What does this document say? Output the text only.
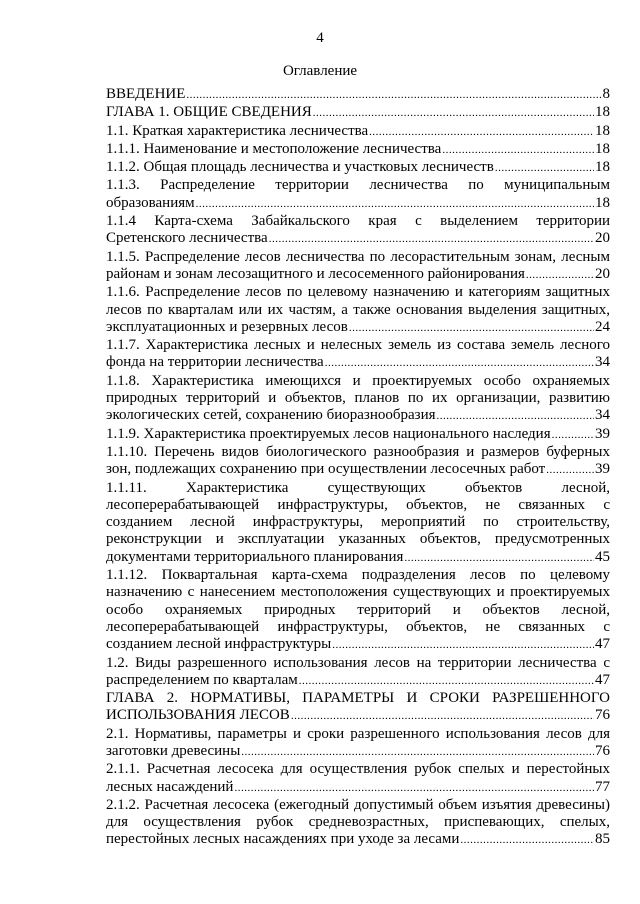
4
Оглавление
ВВЕДЕНИЕ .....	8
ГЛАВА 1. ОБЩИЕ СВЕДЕНИЯ .....	18
1.1. Краткая характеристика лесничества .....	18
1.1.1. Наименование и местоположение лесничества .....	18
1.1.2. Общая площадь лесничества и участковых лесничеств .....	18
1.1.3. Распределение территории лесничества по муниципальным
образованиям .....	18
1.1.4 Карта-схема Забайкальского края с выделением территории
Сретенского лесничества .....	20
1.1.5. Распределение лесов лесничества по лесорастительным зонам, лесным
районам и зонам лесозащитного и лесосеменного районирования .....	20
1.1.6. Распределение лесов по целевому назначению и категориям защитных
лесов по кварталам или их частям, а также основания выделения защитных,
эксплуатационных и резервных лесов .....	24
1.1.7. Характеристика лесных и нелесных земель из состава земель лесного
фонда на территории лесничества .....	34
1.1.8. Характеристика имеющихся и проектируемых особо охраняемых
природных территорий и объектов, планов по их организации, развитию
экологических сетей, сохранению биоразнообразия .....	34
1.1.9. Характеристика проектируемых лесов национального наследия .....	39
1.1.10. Перечень видов биологического разнообразия и размеров буферных
зон, подлежащих сохранению при осуществлении лесосечных работ .....	39
1.1.11. Характеристика существующих объектов лесной,
лесоперерабатывающей инфраструктуры, объектов, не связанных с
созданием лесной инфраструктуры, мероприятий по строительству,
реконструкции и эксплуатации указанных объектов, предусмотренных
документами территориального планирования .....	45
1.1.12. Поквартальная карта-схема подразделения лесов по целевому
назначению с нанесением местоположения существующих и проектируемых
особо охраняемых природных территорий и объектов лесной,
лесоперерабатывающей инфраструктуры, объектов, не связанных с
созданием лесной инфраструктуры .....	47
1.2. Виды разрешенного использования лесов на территории лесничества с
распределением по кварталам .....	47
ГЛАВА 2. НОРМАТИВЫ, ПАРАМЕТРЫ И СРОКИ РАЗРЕШЕННОГО
ИСПОЛЬЗОВАНИЯ ЛЕСОВ .....	76
2.1. Нормативы, параметры и сроки разрешенного использования лесов для
заготовки древесины .....	76
2.1.1. Расчетная лесосека для осуществления рубок спелых и перестойных
лесных насаждений .....	77
2.1.2. Расчетная лесосека (ежегодный допустимый объем изъятия древесины)
для осуществления рубок средневозрастных, приспевающих, спелых,
перестойных лесных насаждениях при уходе за лесами .....	85
